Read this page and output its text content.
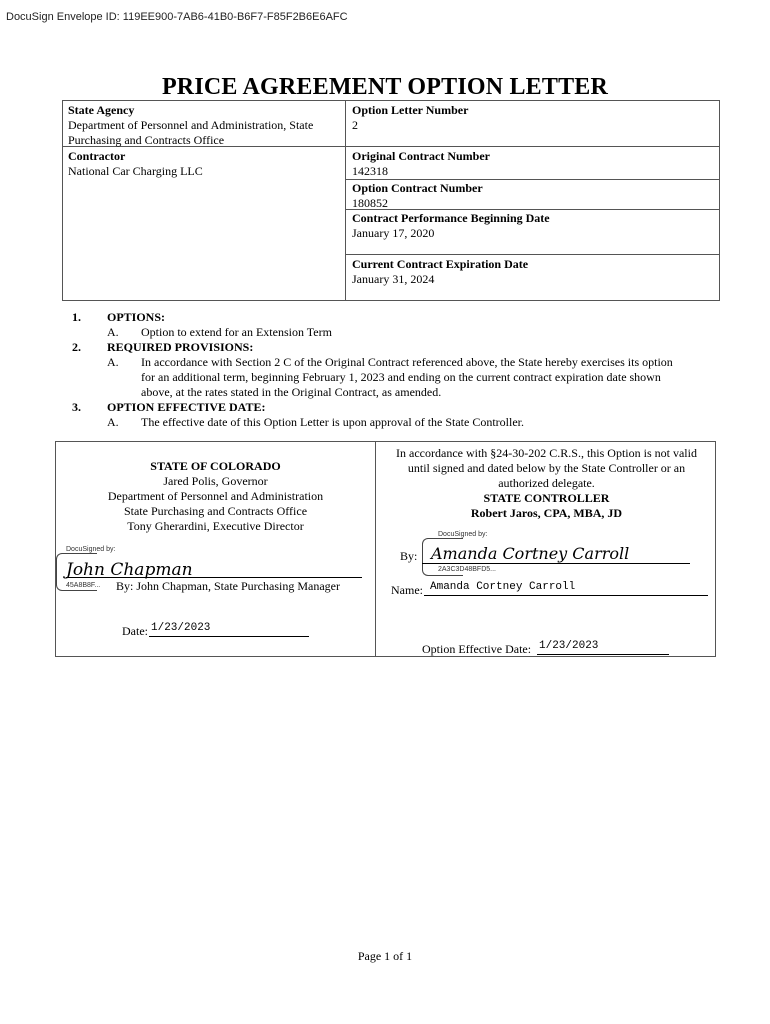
DocuSign Envelope ID: 119EE900-7AB6-41B0-B6F7-F85F2B6E6AFC
PRICE AGREEMENT OPTION LETTER
State Agency
Department of Personnel and Administration, State Purchasing and Contracts Office
Contractor
National Car Charging LLC
Option Letter Number
2
Original Contract Number
142318
Option Contract Number
180852
Contract Performance Beginning Date
January 17, 2020
Current Contract Expiration Date
January 31, 2024
1. OPTIONS:
A. Option to extend for an Extension Term
2. REQUIRED PROVISIONS:
A. In accordance with Section 2 C of the Original Contract referenced above, the State hereby exercises its option
for an additional term, beginning February 1, 2023 and ending on the current contract expiration date shown
above, at the rates stated in the Original Contract, as amended.
3. OPTION EFFECTIVE DATE:
A. The effective date of this Option Letter is upon approval of the State Controller.
STATE OF COLORADO
Jared Polis, Governor
Department of Personnel and Administration
State Purchasing and Contracts Office
Tony Gherardini, Executive Director
DocuSigned by:
John Chapman
45A8B8F... By: John Chapman, State Purchasing Manager
Date: 1/23/2023
In accordance with §24-30-202 C.R.S., this Option is not valid
until signed and dated below by the State Controller or an
authorized delegate.
STATE CONTROLLER
Robert Jaros, CPA, MBA, JD
DocuSigned by:
By: Amanda Cortney Carroll
2A3C3D48BFD5...
Name: Amanda Cortney Carroll
Option Effective Date: 1/23/2023
Page 1 of 1
